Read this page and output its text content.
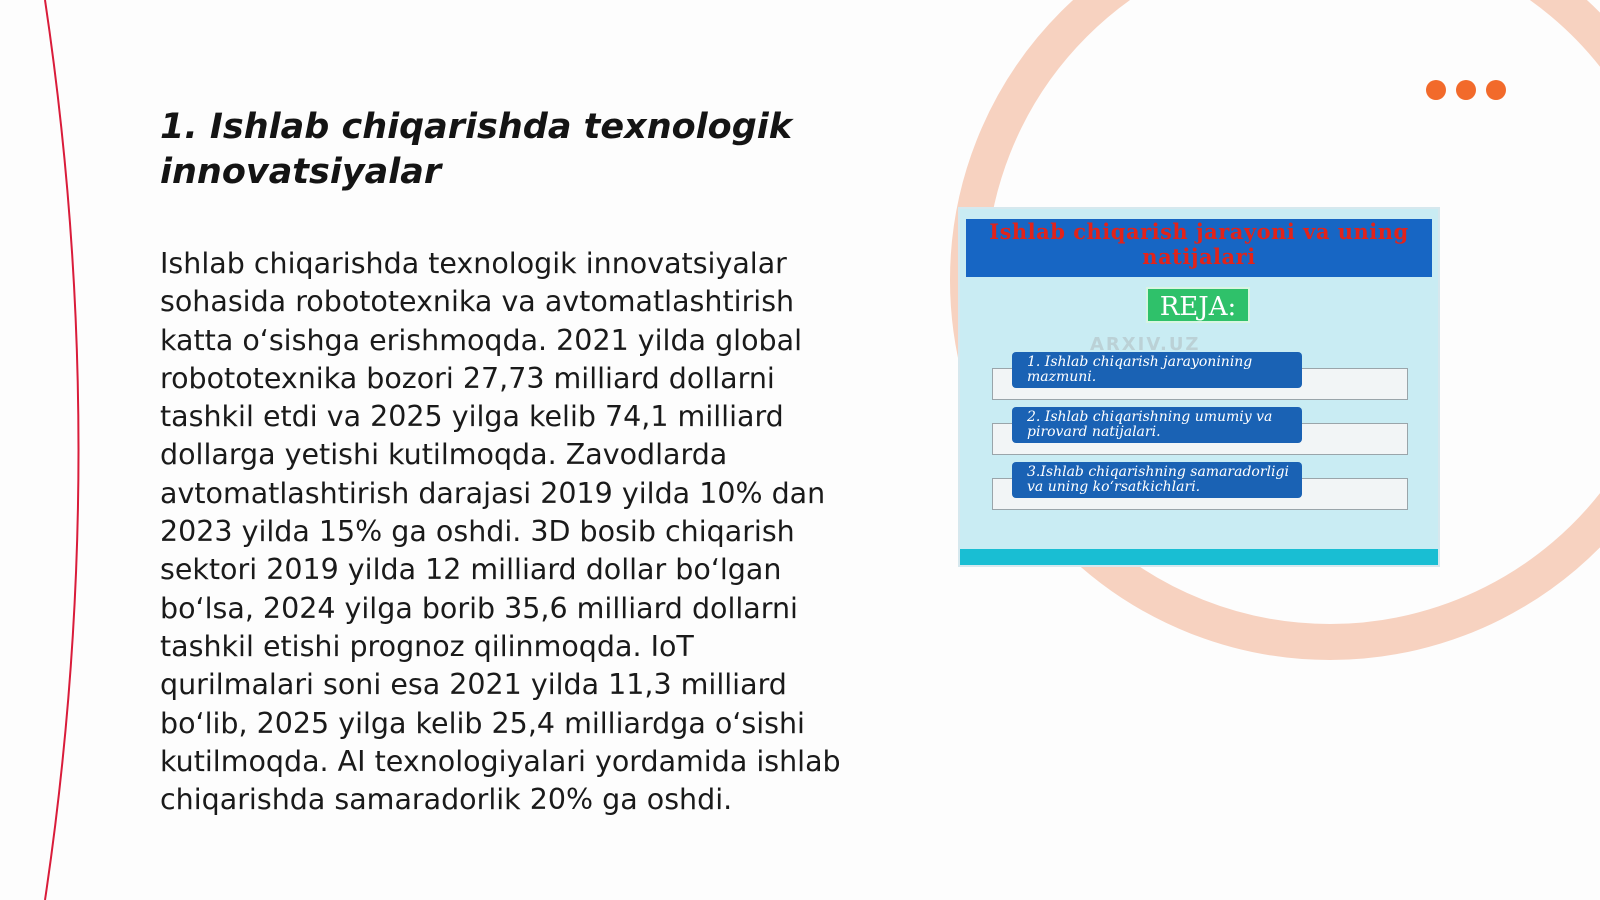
1. Ishlab chiqarishda texnologik innovatsiyalar
Ishlab chiqarishda texnologik innovatsiyalar sohasida robototexnika va avtomatlashtirish katta oʻsishga erishmoqda. 2021 yilda global robototexnika bozori 27,73 milliard dollarni tashkil etdi va 2025 yilga kelib 74,1 milliard dollarga yetishi kutilmoqda. Zavodlarda avtomatlashtirish darajasi 2019 yilda 10% dan 2023 yilda 15% ga oshdi. 3D bosib chiqarish sektori 2019 yilda 12 milliard dollar boʻlgan boʻlsa, 2024 yilga borib 35,6 milliard dollarni tashkil etishi prognoz qilinmoqda. IoT qurilmalari soni esa 2021 yilda 11,3 milliard boʻlib, 2025 yilga kelib 25,4 milliardga oʻsishi kutilmoqda. AI texnologiyalari yordamida ishlab chiqarishda samaradorlik 20% ga oshdi.
Ishlab chiqarish jarayoni va uning natijalari
REJA:
1. Ishlab chiqarish jarayonining mazmuni.
2. Ishlab chiqarishning umumiy va pirovard natijalari.
3.Ishlab chiqarishning samaradorligi va uning koʻrsatkichlari.
ARXIV.UZ
